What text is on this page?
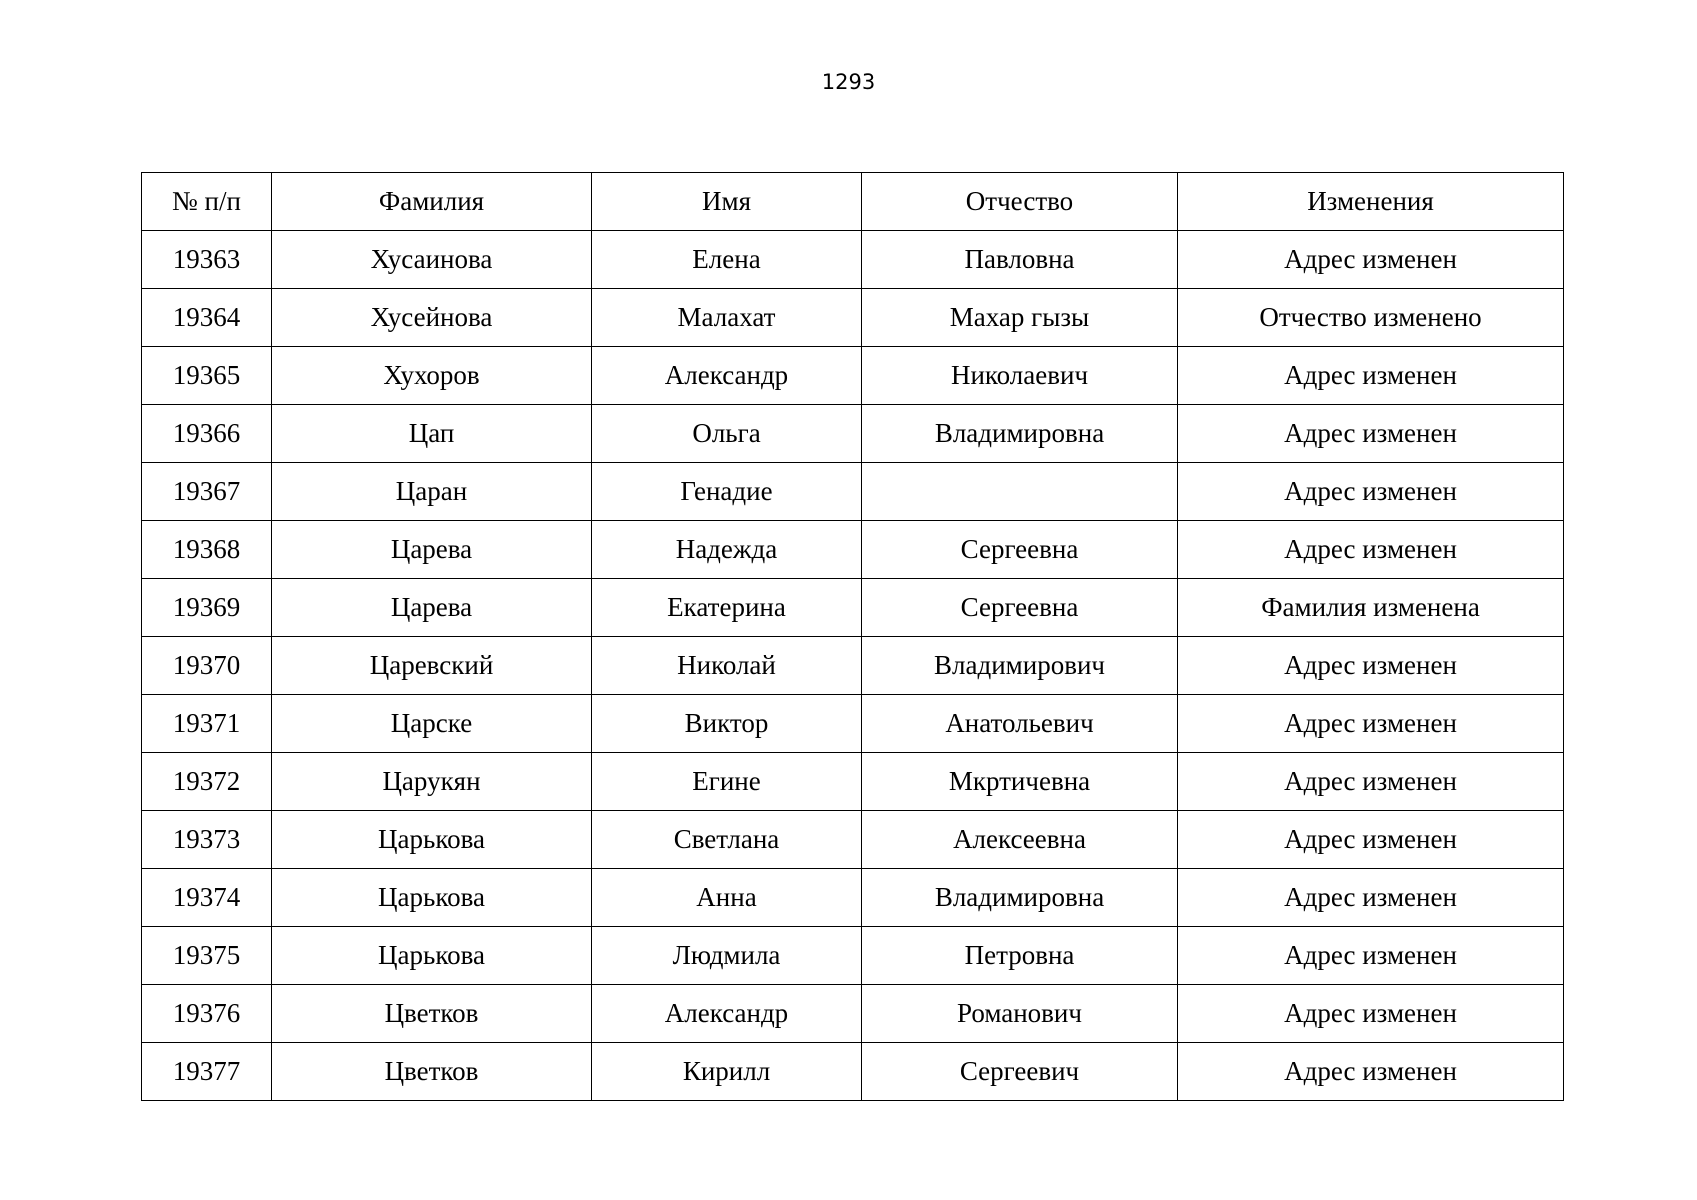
1293
№ п/п	Фамилия	Имя	Отчество	Изменения
19363	Хусаинова	Елена	Павловна	Адрес изменен
19364	Хусейнова	Малахат	Махар гызы	Отчество изменено
19365	Хухоров	Александр	Николаевич	Адрес изменен
19366	Цап	Ольга	Владимировна	Адрес изменен
19367	Царан	Генадие		Адрес изменен
19368	Царева	Надежда	Сергеевна	Адрес изменен
19369	Царева	Екатерина	Сергеевна	Фамилия изменена
19370	Царевский	Николай	Владимирович	Адрес изменен
19371	Царске	Виктор	Анатольевич	Адрес изменен
19372	Царукян	Егине	Мкртичевна	Адрес изменен
19373	Царькова	Светлана	Алексеевна	Адрес изменен
19374	Царькова	Анна	Владимировна	Адрес изменен
19375	Царькова	Людмила	Петровна	Адрес изменен
19376	Цветков	Александр	Романович	Адрес изменен
19377	Цветков	Кирилл	Сергеевич	Адрес изменен
